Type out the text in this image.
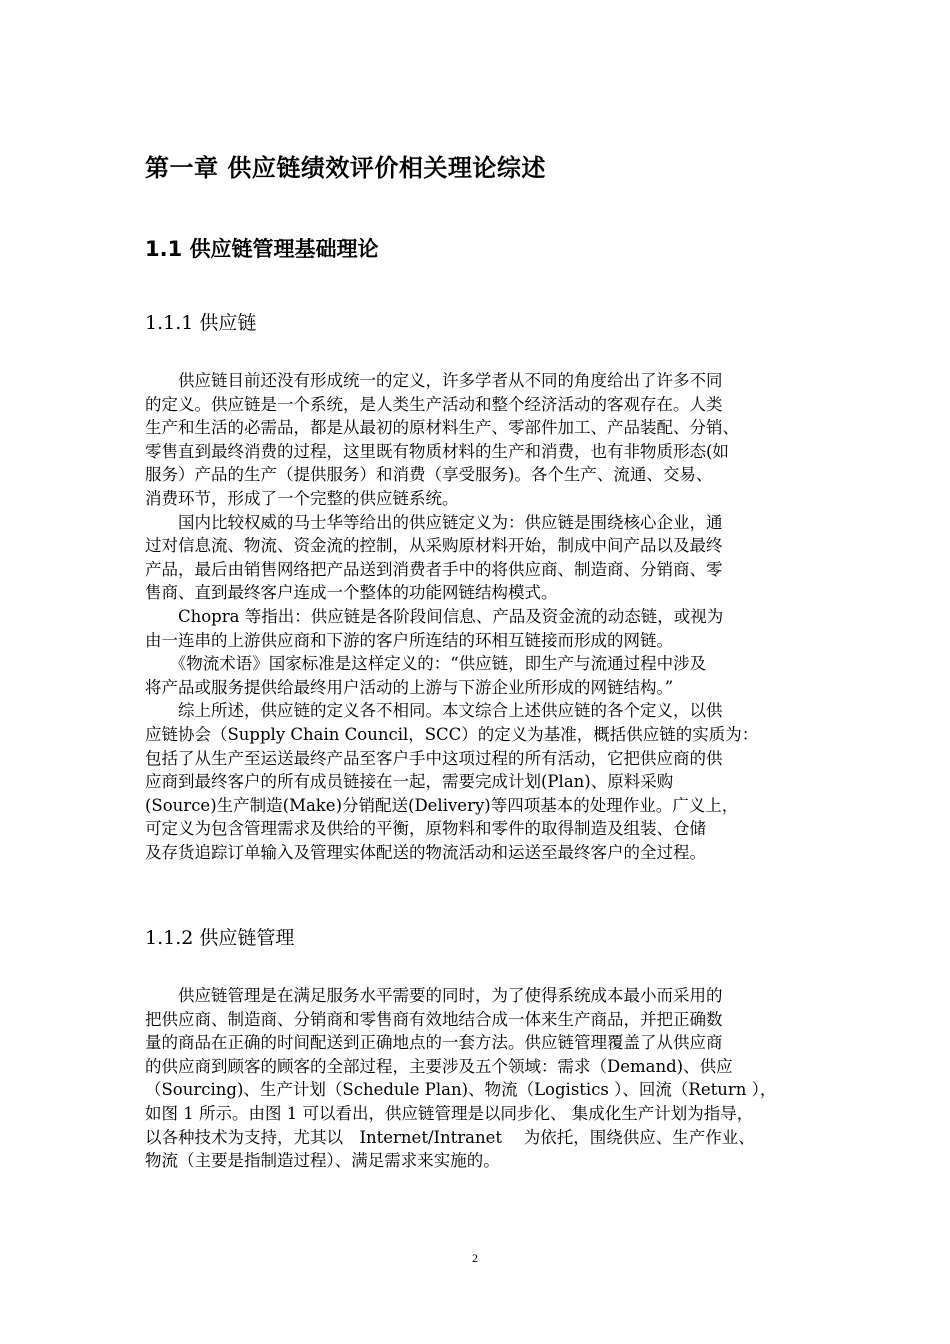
第一章 供应链绩效评价相关理论综述
1.1 供应链管理基础理论
1.1.1 供应链
　　供应链目前还没有形成统一的定义，许多学者从不同的角度给出了许多不同
的定义。供应链是一个系统，是人类生产活动和整个经济活动的客观存在。人类
生产和生活的必需品，都是从最初的原材料生产、零部件加工、产品装配、分销、
零售直到最终消费的过程，这里既有物质材料的生产和消费，也有非物质形态(如
服务）产品的生产（提供服务）和消费（享受服务)。各个生产、流通、交易、
消费环节，形成了一个完整的供应链系统。
　　国内比较权威的马士华等给出的供应链定义为：供应链是围绕核心企业，通
过对信息流、物流、资金流的控制，从采购原材料开始，制成中间产品以及最终
产品，最后由销售网络把产品送到消费者手中的将供应商、制造商、分销商、零
售商、直到最终客户连成一个整体的功能网链结构模式。
　　Chopra 等指出：供应链是各阶段间信息、产品及资金流的动态链，或视为
由一连串的上游供应商和下游的客户所连结的环相互链接而形成的网链。
　　《物流术语》国家标准是这样定义的：“供应链，即生产与流通过程中涉及
将产品或服务提供给最终用户活动的上游与下游企业所形成的网链结构。”
　　综上所述，供应链的定义各不相同。本文综合上述供应链的各个定义，以供
应链协会（Supply Chain Council，SCC）的定义为基准，概括供应链的实质为：
包括了从生产至运送最终产品至客户手中这项过程的所有活动，它把供应商的供
应商到最终客户的所有成员链接在一起，需要完成计划(Plan)、原料采购
(Source)生产制造(Make)分销配送(Delivery)等四项基本的处理作业。广义上，
可定义为包含管理需求及供给的平衡，原物料和零件的取得制造及组装、仓储
及存货追踪订单输入及管理实体配送的物流活动和运送至最终客户的全过程。
1.1.2 供应链管理
　　供应链管理是在满足服务水平需要的同时，为了使得系统成本最小而采用的
把供应商、制造商、分销商和零售商有效地结合成一体来生产商品，并把正确数
量的商品在正确的时间配送到正确地点的一套方法。供应链管理覆盖了从供应商
的供应商到顾客的顾客的全部过程，主要涉及五个领域：需求（Demand)、供应
（Sourcing)、生产计划（Schedule Plan)、物流（Logistics ）、回流（Return ），
如图 1 所示。由图 1 可以看出，供应链管理是以同步化、 集成化生产计划为指导，
以各种技术为支持，尤其以　Internet/Intranet　 为依托，围绕供应、生产作业、
物流（主要是指制造过程）、满足需求来实施的。
2
